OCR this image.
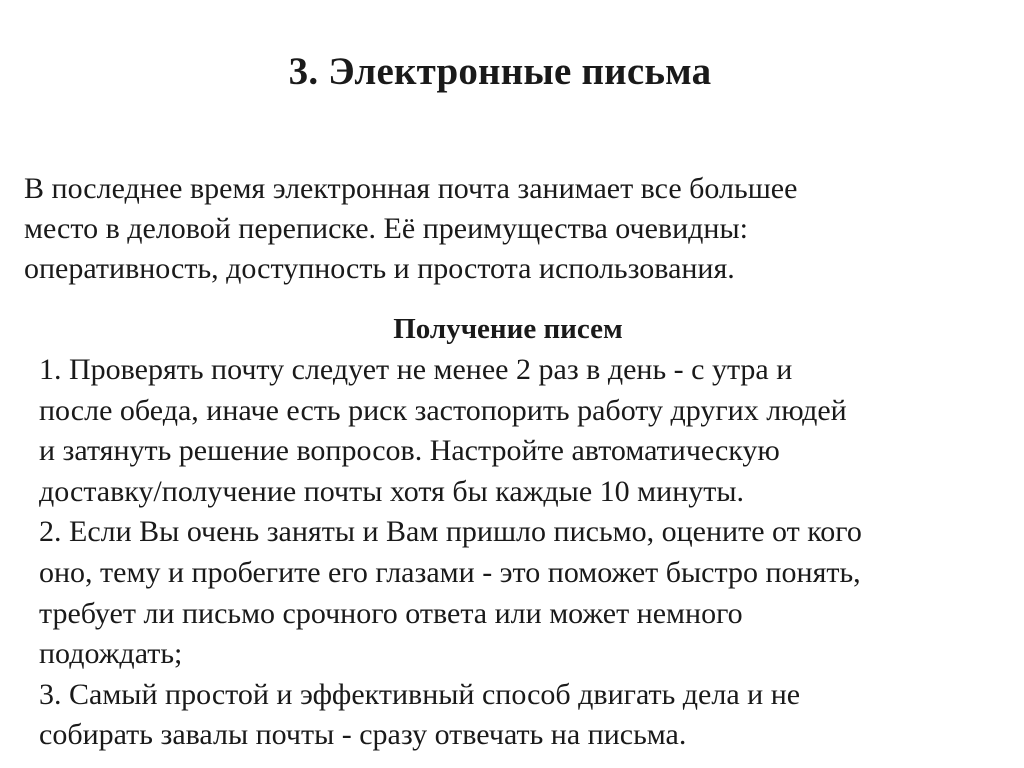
3. Электронные письма
В последнее время электронная почта занимает все большее
место в деловой переписке. Её преимущества очевидны:
оперативность, доступность и простота использования.
Получение писем
1. Проверять почту следует не менее 2 раз в день - с утра и
после обеда, иначе есть риск застопорить работу других людей
и затянуть решение вопросов. Настройте автоматическую
доставку/получение почты хотя бы каждые 10 минуты.
2. Если Вы очень заняты и Вам пришло письмо, оцените от кого
оно, тему и пробегите его глазами - это поможет быстро понять,
требует ли письмо срочного ответа или может немного
подождать;
3. Самый простой и эффективный способ двигать дела и не
собирать завалы почты - сразу отвечать на письма.
